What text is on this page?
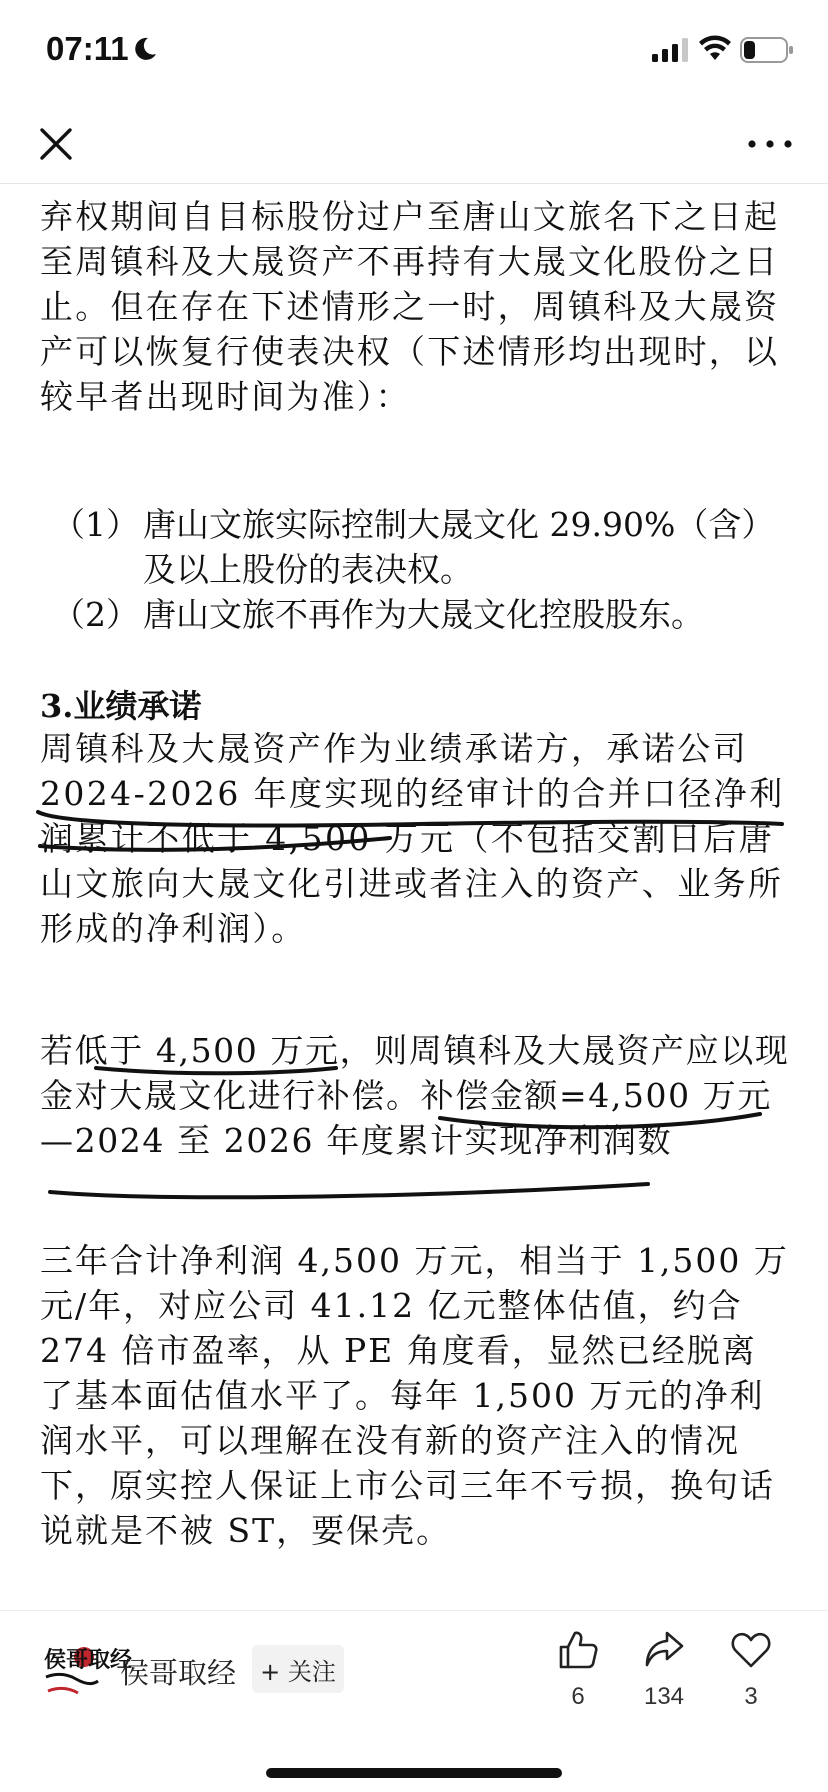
07:11

弃权期间自目标股份过户至唐山文旅名下之日起至周镇科及大晟资产不再持有大晟文化股份之日止。但在存在下述情形之一时，周镇科及大晟资产可以恢复行使表决权（下述情形均出现时，以较早者出现时间为准）：

（1） 唐山文旅实际控制大晟文化 29.90%（含）及以上股份的表决权。
（2） 唐山文旅不再作为大晟文化控股股东。

3.业绩承诺

周镇科及大晟资产作为业绩承诺方，承诺公司 2024-2026 年度实现的经审计的合并口径净利润累计不低于 4,500 万元（不包括交割日后唐山文旅向大晟文化引进或者注入的资产、业务所形成的净利润）。

若低于 4,500 万元，则周镇科及大晟资产应以现金对大晟文化进行补偿。补偿金额=4,500 万元—2024 至 2026 年度累计实现净利润数

三年合计净利润 4,500 万元，相当于 1,500 万元/年，对应公司 41.12 亿元整体估值，约合 274 倍市盈率，从 PE 角度看，显然已经脱离了基本面估值水平了。每年 1,500 万元的净利润水平，可以理解在没有新的资产注入的情况下，原实控人保证上市公司三年不亏损，换句话说就是不被 ST，要保壳。

侯哥取经
侯哥取经	+ 关注
6	134	3
